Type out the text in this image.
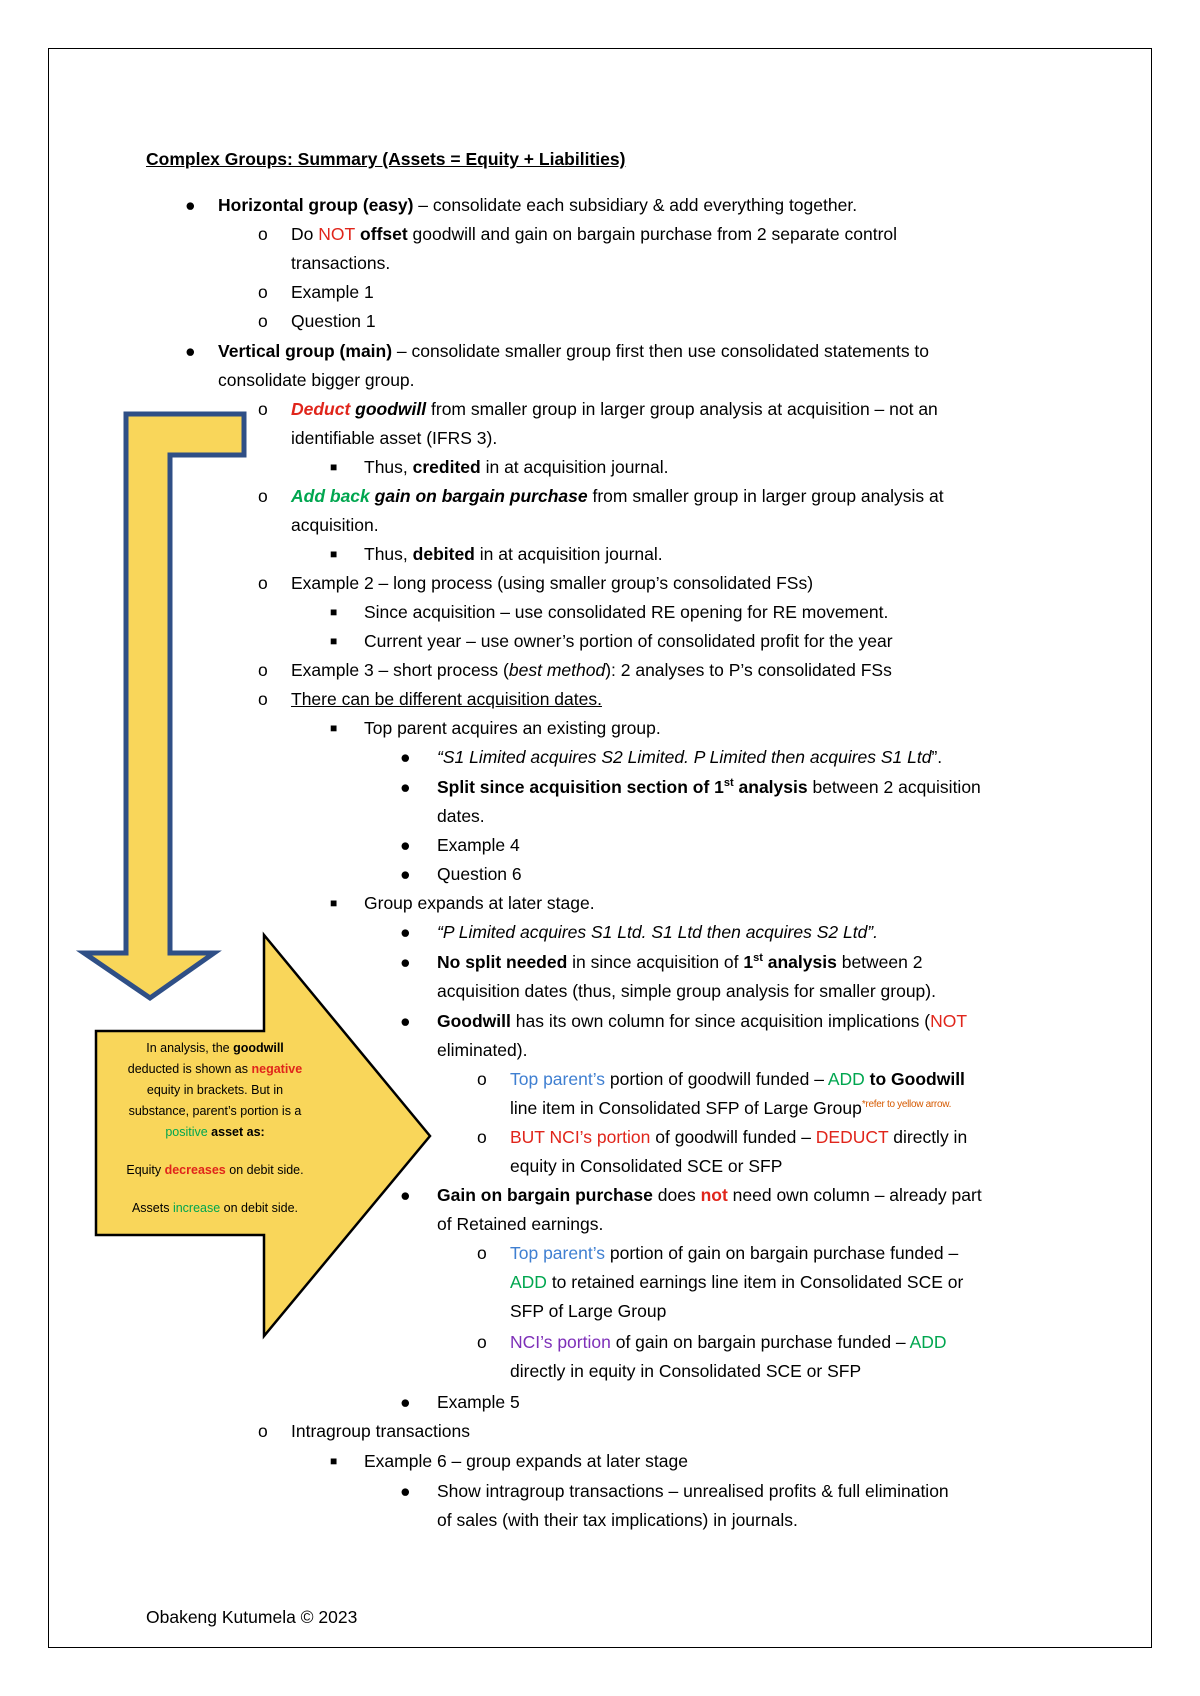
Complex Groups: Summary (Assets = Equity + Liabilities)
● Horizontal group (easy) – consolidate each subsidiary & add everything together.
o Do NOT offset goodwill and gain on bargain purchase from 2 separate control
transactions.
o Example 1
o Question 1
● Vertical group (main) – consolidate smaller group first then use consolidated statements to
consolidate bigger group.
o Deduct goodwill from smaller group in larger group analysis at acquisition – not an
identifiable asset (IFRS 3).
■ Thus, credited in at acquisition journal.
o Add back gain on bargain purchase from smaller group in larger group analysis at
acquisition.
■ Thus, debited in at acquisition journal.
o Example 2 – long process (using smaller group’s consolidated FSs)
■ Since acquisition – use consolidated RE opening for RE movement.
■ Current year – use owner’s portion of consolidated profit for the year
o Example 3 – short process (best method): 2 analyses to P’s consolidated FSs
o There can be different acquisition dates.
■ Top parent acquires an existing group.
● “S1 Limited acquires S2 Limited. P Limited then acquires S1 Ltd”.
● Split since acquisition section of 1st analysis between 2 acquisition
dates.
● Example 4
● Question 6
■ Group expands at later stage.
● “P Limited acquires S1 Ltd. S1 Ltd then acquires S2 Ltd”.
● No split needed in since acquisition of 1st analysis between 2
acquisition dates (thus, simple group analysis for smaller group).
● Goodwill has its own column for since acquisition implications (NOT
eliminated).
o Top parent’s portion of goodwill funded – ADD to Goodwill
line item in Consolidated SFP of Large Group$^{*refer to yellow arrow.}$
o BUT NCI’s portion of goodwill funded – DEDUCT directly in
equity in Consolidated SCE or SFP
● Gain on bargain purchase does not need own column – already part
of Retained earnings.
o Top parent’s portion of gain on bargain purchase funded –
ADD to retained earnings line item in Consolidated SCE or
SFP of Large Group
o NCI’s portion of gain on bargain purchase funded – ADD
directly in equity in Consolidated SCE or SFP
● Example 5
o Intragroup transactions
■ Example 6 – group expands at later stage
● Show intragroup transactions – unrealised profits & full elimination
of sales (with their tax implications) in journals.

In analysis, the goodwill

deducted is shown as negative

equity in brackets. But in

substance, parent’s portion is a

positive asset as:

Equity decreases on debit side.

Assets increase on debit side.

Obakeng Kutumela © 2023
